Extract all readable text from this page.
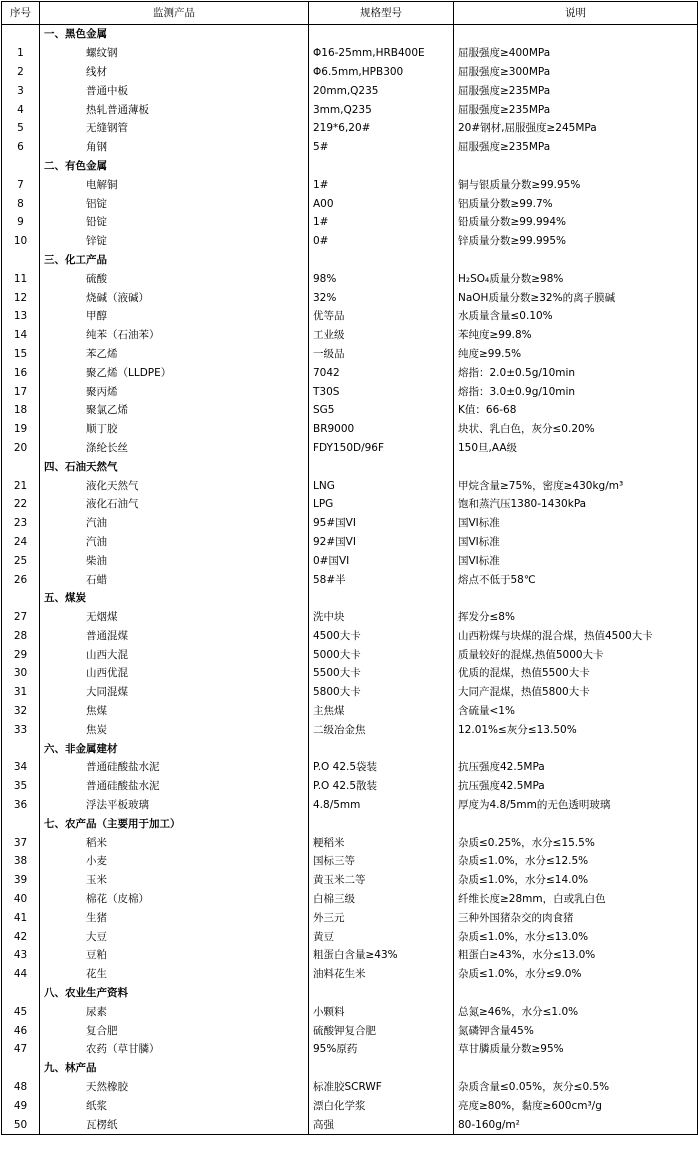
序号	监测产品	规格型号	说明
	一、黑色金属		
1	螺纹钢	Φ16-25mm,HRB400E	屈服强度≥400MPa
2	线材	Φ6.5mm,HPB300	屈服强度≥300MPa
3	普通中板	20mm,Q235	屈服强度≥235MPa
4	热轧普通薄板	3mm,Q235	屈服强度≥235MPa
5	无缝钢管	219*6,20#	20#钢材,屈服强度≥245MPa
6	角钢	5#	屈服强度≥235MPa
	二、有色金属		
7	电解铜	1#	铜与银质量分数≥99.95%
8	铝锭	A00	铝质量分数≥99.7%
9	铅锭	1#	铅质量分数≥99.994%
10	锌锭	0#	锌质量分数≥99.995%
	三、化工产品		
11	硫酸	98%	H₂SO₄质量分数≥98%
12	烧碱（液碱）	32%	NaOH质量分数≥32%的离子膜碱
13	甲醇	优等品	水质量含量≤0.10%
14	纯苯（石油苯）	工业级	苯纯度≥99.8%
15	苯乙烯	一级品	纯度≥99.5%
16	聚乙烯（LLDPE）	7042	熔指：2.0±0.5g/10min
17	聚丙烯	T30S	熔指：3.0±0.9g/10min
18	聚氯乙烯	SG5	K值：66-68
19	顺丁胶	BR9000	块状、乳白色，灰分≤0.20%
20	涤纶长丝	FDY150D/96F	150旦,AA级
	四、石油天然气		
21	液化天然气	LNG	甲烷含量≥75%，密度≥430kg/m³
22	液化石油气	LPG	饱和蒸汽压1380-1430kPa
23	汽油	95#国VI	国VI标准
24	汽油	92#国VI	国VI标准
25	柴油	0#国VI	国VI标准
26	石蜡	58#半	熔点不低于58℃
	五、煤炭		
27	无烟煤	洗中块	挥发分≤8%
28	普通混煤	4500大卡	山西粉煤与块煤的混合煤，热值4500大卡
29	山西大混	5000大卡	质量较好的混煤,热值5000大卡
30	山西优混	5500大卡	优质的混煤，热值5500大卡
31	大同混煤	5800大卡	大同产混煤，热值5800大卡
32	焦煤	主焦煤	含硫量<1%
33	焦炭	二级冶金焦	12.01%≤灰分≤13.50%
	六、非金属建材		
34	普通硅酸盐水泥	P.O 42.5袋装	抗压强度42.5MPa
35	普通硅酸盐水泥	P.O 42.5散装	抗压强度42.5MPa
36	浮法平板玻璃	4.8/5mm	厚度为4.8/5mm的无色透明玻璃
	七、农产品（主要用于加工）		
37	稻米	粳稻米	杂质≤0.25%，水分≤15.5%
38	小麦	国标三等	杂质≤1.0%，水分≤12.5%
39	玉米	黄玉米二等	杂质≤1.0%，水分≤14.0%
40	棉花（皮棉）	白棉三级	纤维长度≥28mm，白或乳白色
41	生猪	外三元	三种外国猪杂交的肉食猪
42	大豆	黄豆	杂质≤1.0%，水分≤13.0%
43	豆粕	粗蛋白含量≥43%	粗蛋白≥43%，水分≤13.0%
44	花生	油料花生米	杂质≤1.0%，水分≤9.0%
	八、农业生产资料		
45	尿素	小颗料	总氮≥46%，水分≤1.0%
46	复合肥	硫酸钾复合肥	氮磷钾含量45%
47	农药（草甘膦）	95%原药	草甘膦质量分数≥95%
	九、林产品		
48	天然橡胶	标准胶SCRWF	杂质含量≤0.05%，灰分≤0.5%
49	纸浆	漂白化学浆	亮度≥80%，黏度≥600cm³/g
50	瓦楞纸	高强	80-160g/m²
